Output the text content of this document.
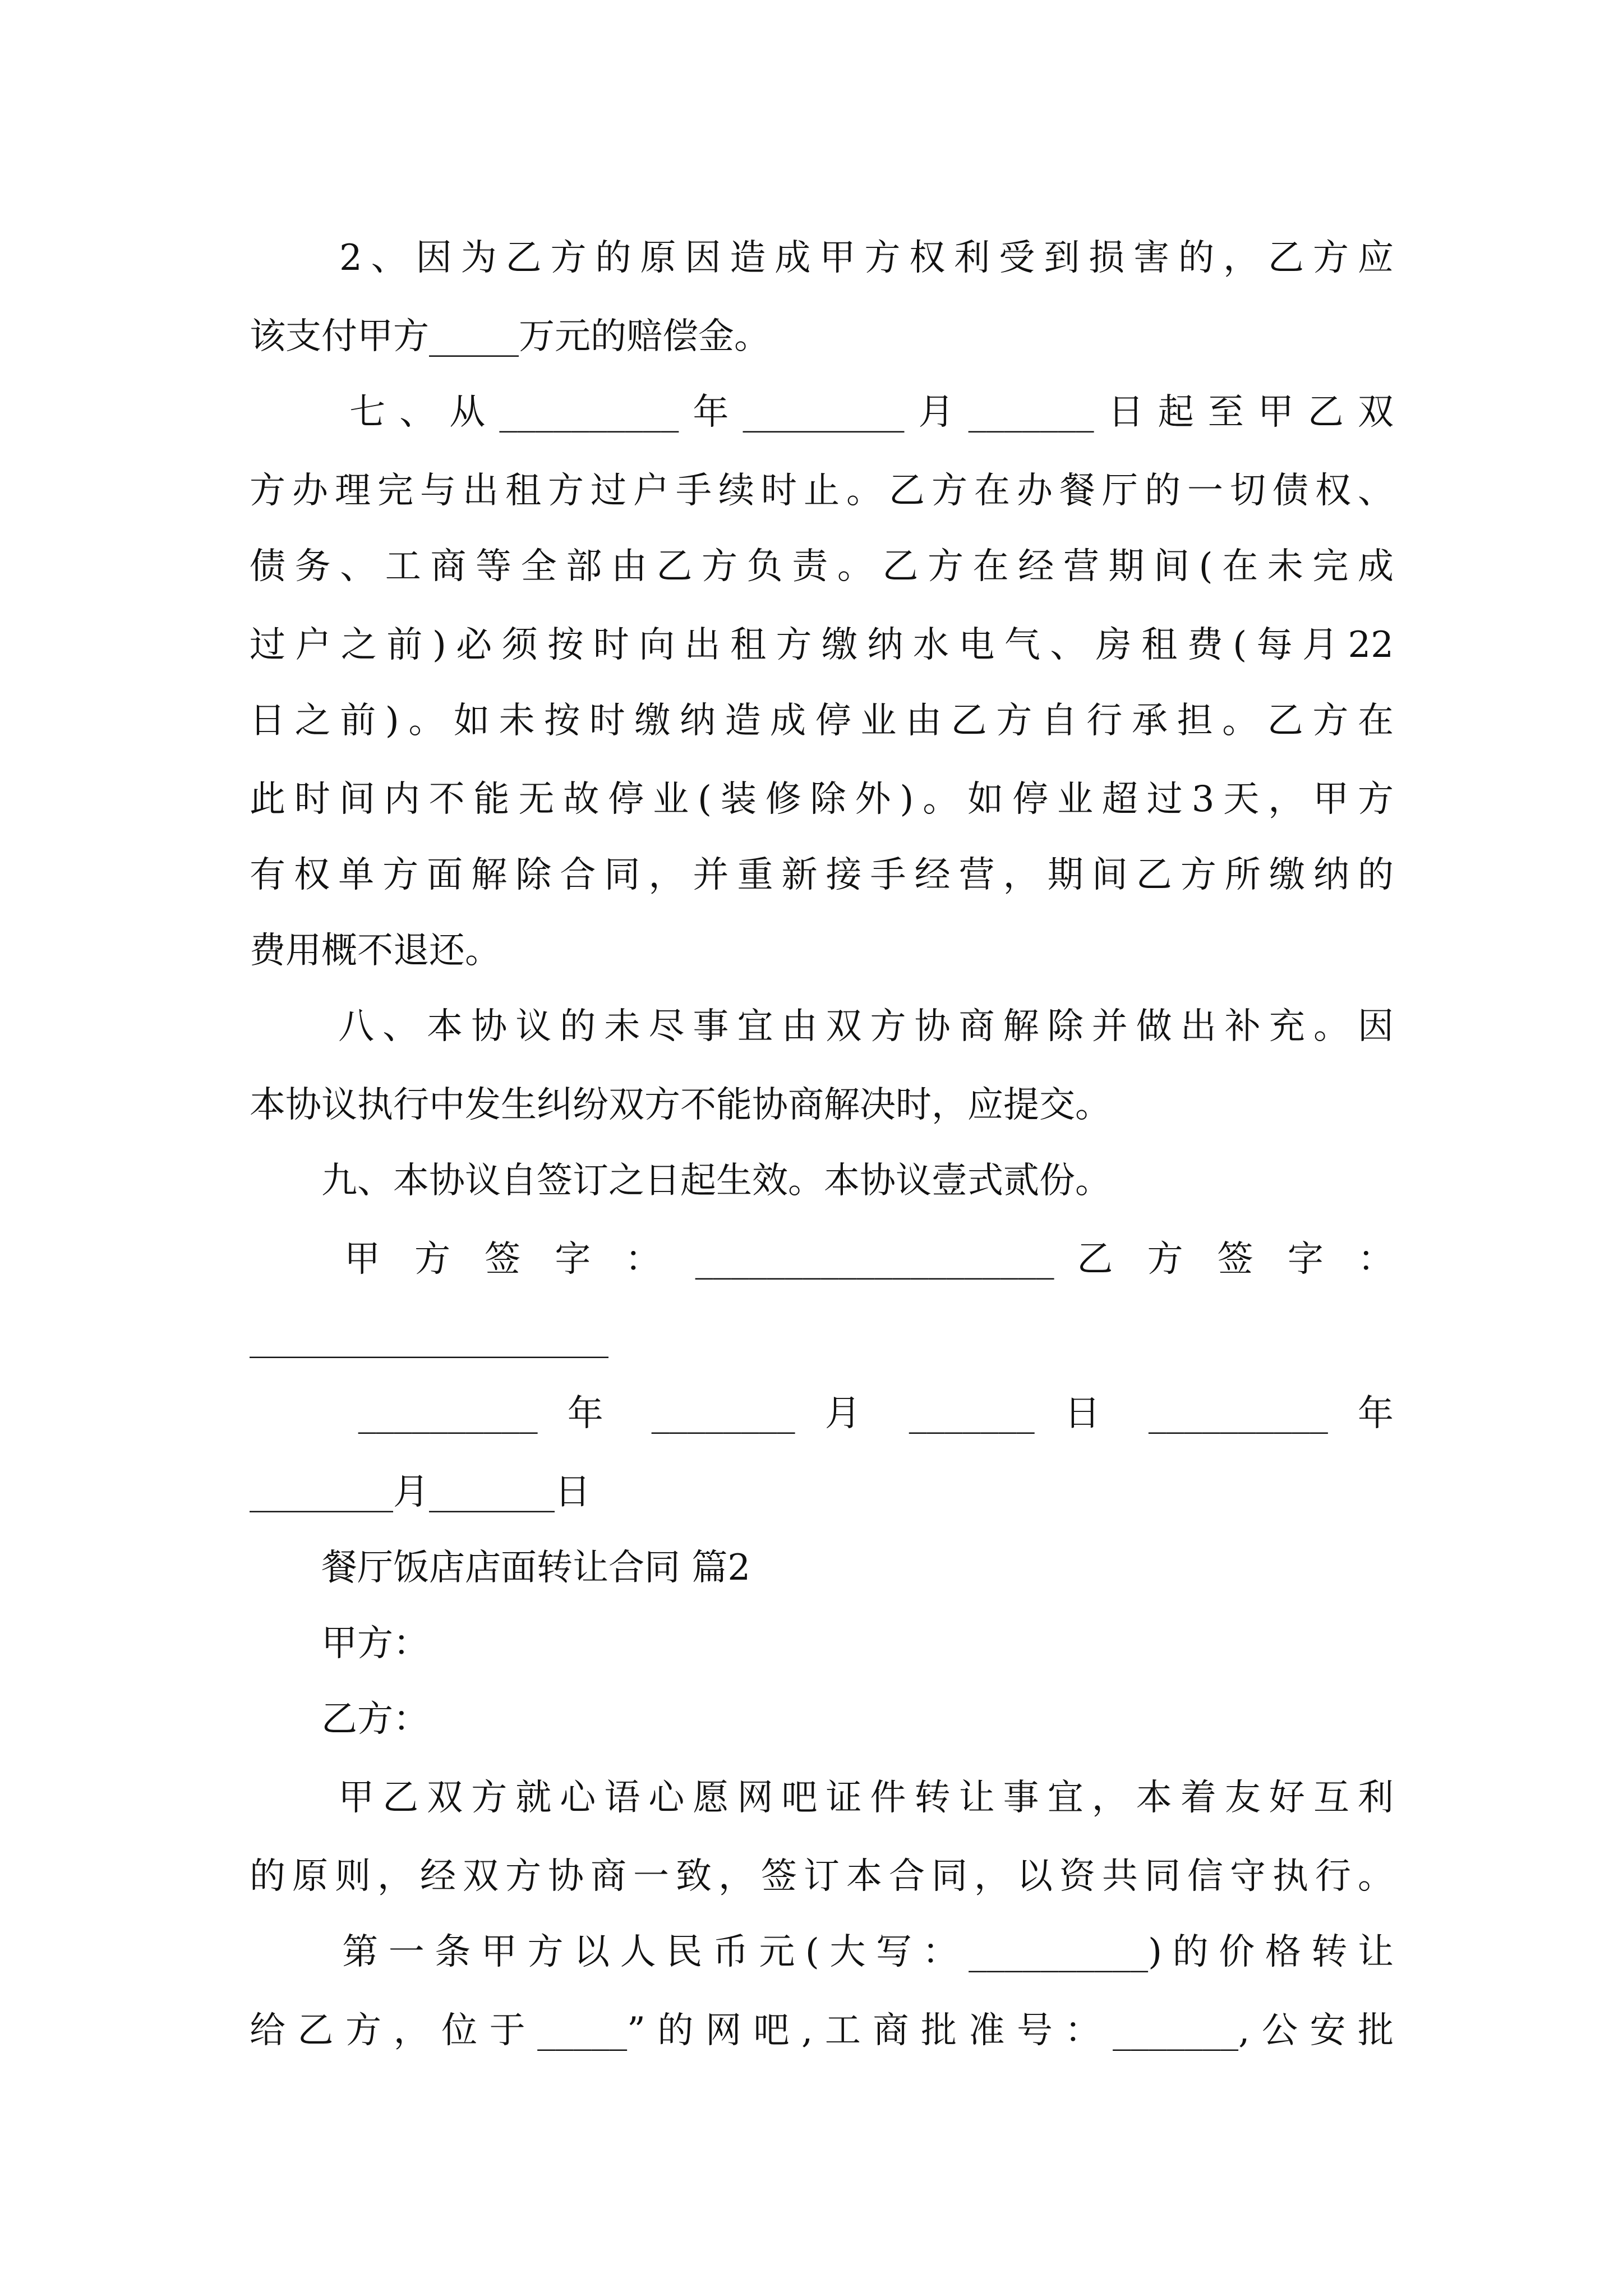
　　2、因为乙方的原因造成甲方权利受到损害的，乙方应
该支付甲方_____万元的赔偿金。
　　七、从__________年_________月_______日起至甲乙双
方办理完与出租方过户手续时止。乙方在办餐厅的一切债权、
债务、工商等全部由乙方负责。乙方在经营期间(在未完成
过户之前)必须按时向出租方缴纳水电气、房租费(每月22
日之前)。如未按时缴纳造成停业由乙方自行承担。乙方在
此时间内不能无故停业(装修除外)。如停业超过3天，甲方
有权单方面解除合同，并重新接手经营，期间乙方所缴纳的
费用概不退还。
　　八、本协议的未尽事宜由双方协商解除并做出补充。因
本协议执行中发生纠纷双方不能协商解决时，应提交。
　　九、本协议自签订之日起生效。本协议壹式贰份。
　　甲 方 签 字 ： ____________________ 乙 方 签 字 ：
____________________
　　__________ 年 ________ 月 _______ 日 __________ 年
________月_______日
　　餐厅饭店店面转让合同 篇2
　　甲方：
　　乙方：
　　甲乙双方就心语心愿网吧证件转让事宜，本着友好互利
的原则，经双方协商一致，签订本合同，以资共同信守执行。
　　第一条甲方以人民币元(大写：__________)的价格转让
给乙方，位于_____”的网吧,工商批准号：_______,公安批
